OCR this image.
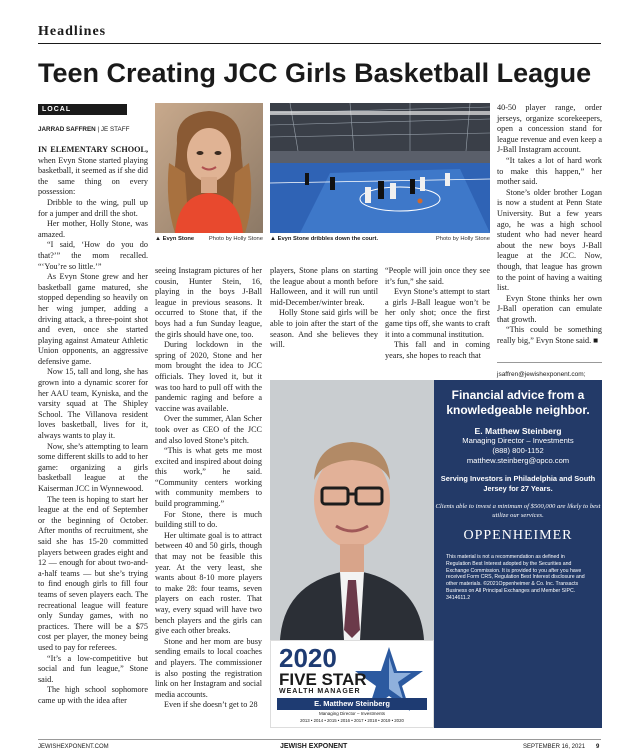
Headlines
Teen Creating JCC Girls Basketball League
LOCAL
JARRAD SAFFREN | JE STAFF

IN ELEMENTARY SCHOOL, when Evyn Stone started playing basketball, it seemed as if she did the same thing on every possession:

Dribble to the wing, pull up for a jumper and drill the shot.

Her mother, Holly Stone, was amazed.

“I said, ‘How do you do that?’” the mom recalled. “‘You’re so little.’”

As Evyn Stone grew and her basketball game matured, she stopped depending so heavily on her wing jumper, adding a driving attack, a three-point shot and even, once she started playing against Amateur Athletic Union opponents, an aggressive defensive game.

Now 15, tall and long, she has grown into a dynamic scorer for her AAU team, Kyniska, and the varsity squad at The Shipley School. The Villanova resident loves basketball, lives for it, always wants to play it.

Now, she’s attempting to learn some different skills to add to her game: organizing a girls basketball league at the Kaiserman JCC in Wynnewood.

The teen is hoping to start her league at the end of September or the beginning of October. After months of recruitment, she said she has 15-20 committed players between grades eight and 12 — enough for about two-and-a-half teams — but she’s trying to find enough girls to fill four teams of seven players each. The recreational league will feature only Sunday games, with no practices. There will be a $75 cost per player, the money being used to pay for referees.

“It’s a low-competitive but social and fun league,” Stone said.

The high school sophomore came up with the idea after

▲ Evyn Stone	Photo by Holly Stone ▲ Evyn Stone dribbles down the court.	Photo by Holly Stone

seeing Instagram pictures of her cousin, Hunter Stein, 16, playing in the boys J-Ball league in previous seasons. It occurred to Stone that, if the boys had a fun Sunday league, the girls should have one, too.

During lockdown in the spring of 2020, Stone and her mom brought the idea to JCC officials. They loved it, but it was too hard to pull off with the pandemic raging and before a vaccine was available.

Over the summer, Alan Scher took over as CEO of the JCC and also loved Stone’s pitch.

“This is what gets me most excited and inspired about doing this work,” he said. “Community centers working with community members to build programming.”

For Stone, there is much building still to do.

Her ultimate goal is to attract between 40 and 50 girls, though that may not be feasible this year. At the very least, she wants about 8-10 more players to make 28: four teams, seven players on each roster. That way, every squad will have two bench players and the girls can give each other breaks.

Stone and her mom are busy sending emails to local coaches and players. The commissioner is also posting the registration link on her Instagram and social media accounts.

Even if she doesn’t get to 28

players, Stone plans on starting the league about a month before Halloween, and it will run until mid-December/winter break.

Holly Stone said girls will be able to join after the start of the season. And she believes they will.

“People will join once they see it’s fun,” she said.

Evyn Stone’s attempt to start a girls J-Ball league won’t be her only shot; once the first game tips off, she wants to craft it into a communal institution.

This fall and in coming years, she hopes to reach that

40-50 player range, order jerseys, organize scorekeepers, open a concession stand for league revenue and even keep a J-Ball Instagram account.

“It takes a lot of hard work to make this happen,” her mother said.

Stone’s older brother Logan is now a student at Penn State University. But a few years ago, he was a high school student who had never heard about the new boys J-Ball league at the JCC. Now, though, that league has grown to the point of having a waiting list.

Evyn Stone thinks her own J-Ball operation can emulate that growth.

“This could be something really big,” Evyn Stone said. ■

jsaffren@jewishexponent.com;
2020
FIVE STAR
WEALTH MANAGER
E. Matthew Steinberg
Managing Director – Investments
2013 • 2014 • 2015 • 2016 • 2017 • 2018 • 2019 • 2020
Financial advice from a knowledgeable neighbor.
E. Matthew Steinberg
Managing Director – Investments
(888) 800-1152
matthew.steinberg@opco.com
Serving Investors in Philadelphia and South Jersey for 27 Years.
Clients able to invest a minimum of $500,000 are likely to best utilize our services.
OPPENHEIMER
This material is not a recommendation as defined in Regulation Best Interest adopted by the Securities and Exchange Commission. It is provided to you after you have received Form CRS, Regulation Best Interest disclosure and other materials. ©2021Oppenheimer & Co. Inc. Transacts Business on All Principal Exchanges and Member SIPC. 3414611.2
JEWISHEXPONENT.COM	JEWISH EXPONENT	SEPTEMBER 16, 2021 9
